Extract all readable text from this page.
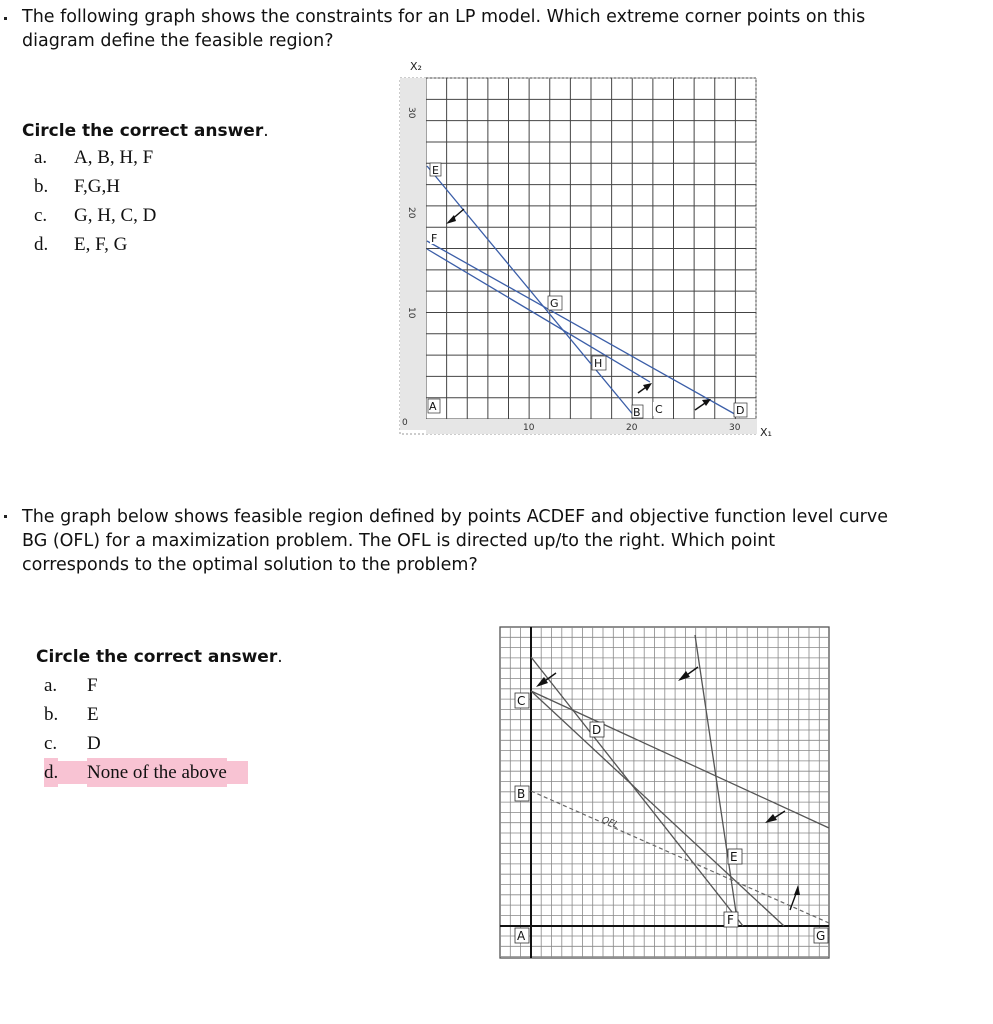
The following graph shows the constraints for an LP model. Which extreme corner points on this
diagram define the feasible region?
Circle the correct answer.
a. A, B, H, F
b. F,G,H
c. G, H, C, D
d. E, F, G
X₂
X₁
30
20
10
0	10	20	30
E
F
G
H
A	B C	D
The graph below shows feasible region defined by points ACDEF and objective function level curve
BG (OFL) for a maximization problem. The OFL is directed up/to the right. Which point
corresponds to the optimal solution to the problem?
Circle the correct answer.
a. F
b. E
c. D
d. None of the above
OFL
C
D
B
E
F
A	G
